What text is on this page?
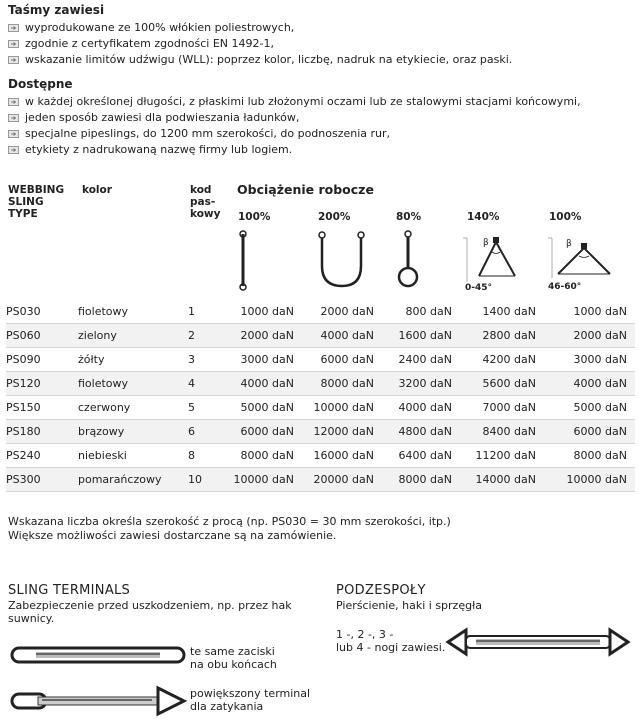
Taśmy zawiesi
wyprodukowane ze 100% włókien poliestrowych,
zgodnie z certyfikatem zgodności EN 1492-1,
wskazanie limitów udźwigu (WLL): poprzez kolor, liczbę, nadruk na etykiecie, oraz paski.
Dostępne
w każdej określonej długości, z płaskimi lub złożonymi oczami lub ze stalowymi stacjami końcowymi,
jeden sposób zawiesi dla podwieszania ładunków,
specjalne pipeslings, do 1200 mm szerokości, do podnoszenia rur,
etykiety z nadrukowaną nazwę firmy lub logiem.
WEBBING SLING TYPE
kolor	kod pas-kowy
Obciążenie robocze
100%	200%	80%	140%	100%
β
0-45°
β
46-60°
PS030	fioletowy	1	1000 daN	2000 daN	800 daN	1400 daN	1000 daN
PS060	zielony	2	2000 daN	4000 daN	1600 daN	2800 daN	2000 daN
PS090	żółty	3	3000 daN	6000 daN	2400 daN	4200 daN	3000 daN
PS120	fioletowy	4	4000 daN	8000 daN	3200 daN	5600 daN	4000 daN
PS150	czerwony	5	5000 daN	10000 daN	4000 daN	7000 daN	5000 daN
PS180	brązowy	6	6000 daN	12000 daN	4800 daN	8400 daN	6000 daN
PS240	niebieski	8	8000 daN	16000 daN	6400 daN	11200 daN	8000 daN
PS300	pomarańczowy	10	10000 daN	20000 daN	8000 daN	14000 daN	10000 daN
Wskazana liczba określa szerokość z procą (np. PS030 = 30 mm szerokości, itp.)
Większe możliwości zawiesi dostarczane są na zamówienie.
SLING TERMINALS
Zabezpieczenie przed uszkodzeniem, np. przez hak
suwnicy.
te same zaciski
na obu końcach
powiększony terminal
dla zatykania
PODZESPOŁY
Pierścienie, haki i sprzęgła
1 -, 2 -, 3 -
lub 4 - nogi zawiesi.
